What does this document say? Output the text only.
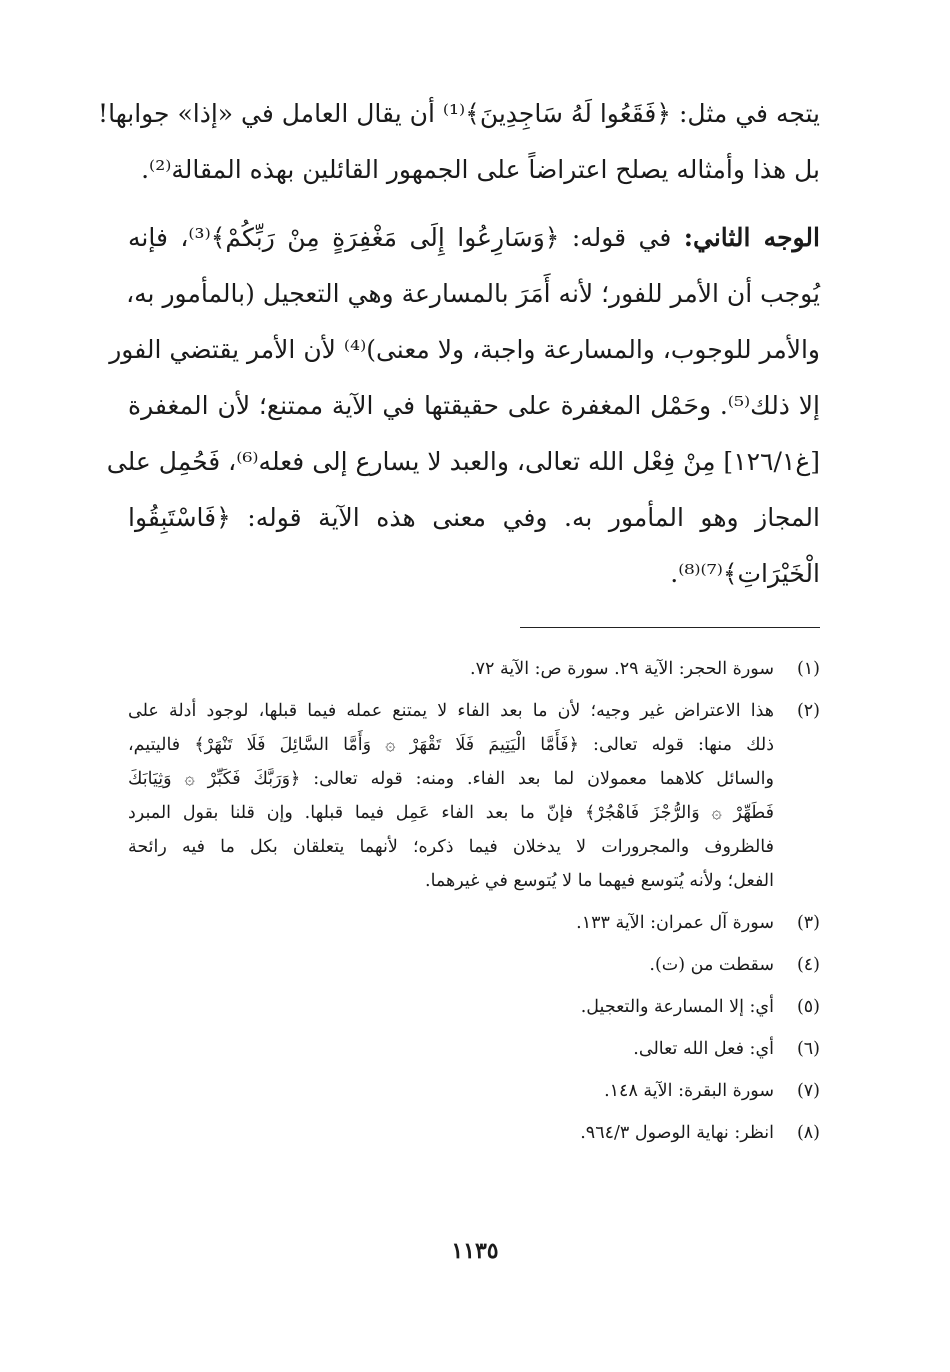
يتجه في مثل: ﴿فَقَعُوا لَهُ سَاجِدِينَ﴾⁽¹⁾ أن يقال العامل في «إذا» جوابها!
بل هذا وأمثاله يصلح اعتراضاً على الجمهور القائلين بهذه المقالة⁽²⁾.

الوجه الثاني: في قوله: ﴿وَسَارِعُوا إِلَى مَغْفِرَةٍ مِنْ رَبِّكُمْ﴾⁽³⁾، فإنه
يُوجب أن الأمر للفور؛ لأنه أَمَرَ بالمسارعة وهي التعجيل (بالمأمور به،
والأمر للوجوب، والمسارعة واجبة، ولا معنى)⁽⁴⁾ لأن الأمر يقتضي الفور
إلا ذلك⁽⁵⁾. وحَمْل المغفرة على حقيقتها في الآية ممتنع؛ لأن المغفرة
[غ١٢٦/١] مِنْ فِعْل الله تعالى، والعبد لا يسارع إلى فعله⁽⁶⁾، فَحُمِل على
المجاز وهو المأمور به. وفي معنى هذه الآية قوله: ﴿فَاسْتَبِقُوا
الْخَيْرَاتِ﴾⁽⁷⁾⁽⁸⁾.

(١)سورة الحجر: الآية ٢٩. سورة ص: الآية ٧٢.
(٢)هذا الاعتراض غير وجيه؛ لأن ما بعد الفاء لا يمتنع عمله فيما قبلها، لوجود أدلة على
ذلك منها: قوله تعالى: ﴿فَأَمَّا الْيَتِيمَ فَلَا تَقْهَرْ ۞ وَأَمَّا السَّائِلَ فَلَا تَنْهَرْ﴾ فاليتيم،
والسائل كلاهما معمولان لما بعد الفاء. ومنه: قوله تعالى: ﴿وَرَبَّكَ فَكَبِّرْ ۞ وَثِيَابَكَ
فَطَهِّرْ ۞ وَالرُّجْزَ فَاهْجُرْ﴾ فإنّ ما بعد الفاء عَمِل فيما قبلها. وإن قلنا بقول المبرد
فالظروف والمجرورات لا يدخلان فيما ذكره؛ لأنهما يتعلقان بكل ما فيه رائحة
الفعل؛ ولأنه يُتوسع فيهما ما لا يُتوسع في غيرهما.
(٣)سورة آل عمران: الآية ١٣٣.
(٤)سقطت من (ت).
(٥)أي: إلا المسارعة والتعجيل.
(٦)أي: فعل الله تعالى.
(٧)سورة البقرة: الآية ١٤٨.
(٨)انظر: نهاية الوصول ٩٦٤/٣.
١١٣٥
